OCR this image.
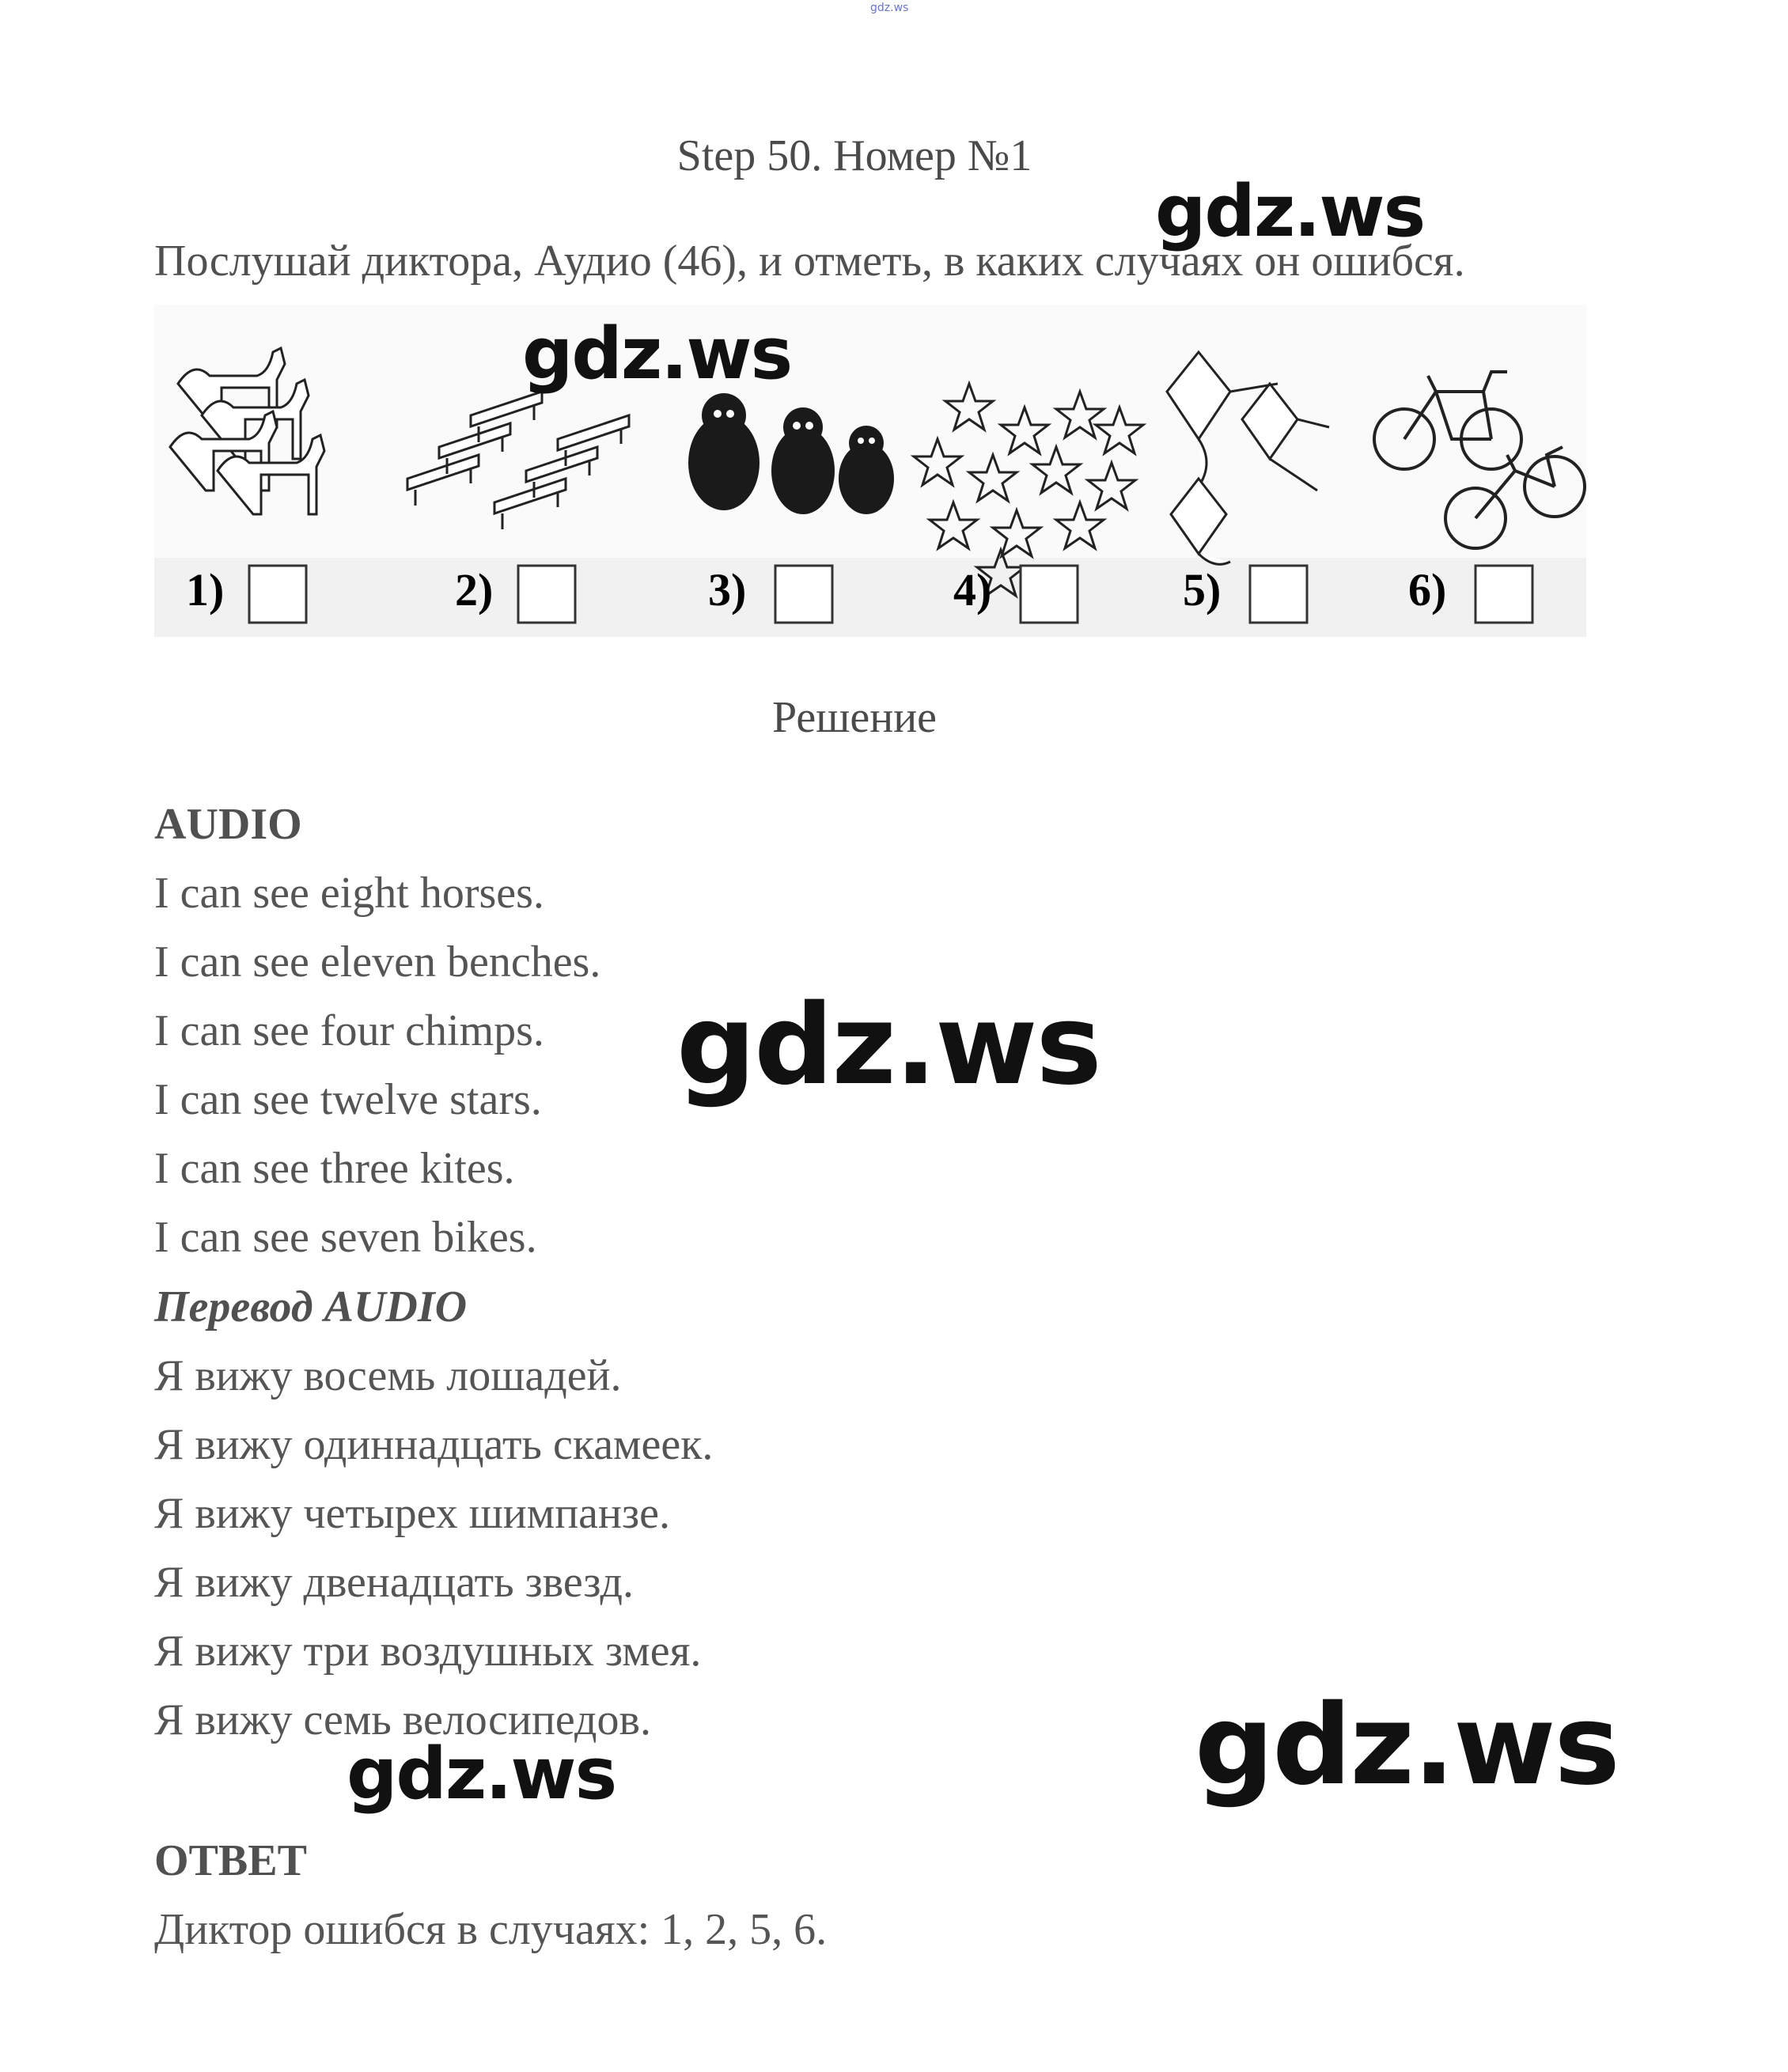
gdz.ws
Step 50. Номер №1
Послушай диктора, Аудио (46), и отметь, в каких случаях он ошибся.
1)	2)	3)	4)	5)	6)
gdz.ws
gdz.ws
Решение
AUDIO
I can see eight horses.
I can see eleven benches.
I can see four chimps.
I can see twelve stars.
I can see three kites.
I can see seven bikes.
Перевод AUDIO
Я вижу восемь лошадей.
Я вижу одиннадцать скамеек.
Я вижу четырех шимпанзе.
Я вижу двенадцать звезд.
Я вижу три воздушных змея.
Я вижу семь велосипедов.
ОТВЕТ
Диктор ошибся в случаях: 1, 2, 5, 6.
gdz.ws
gdz.ws	gdz.ws
